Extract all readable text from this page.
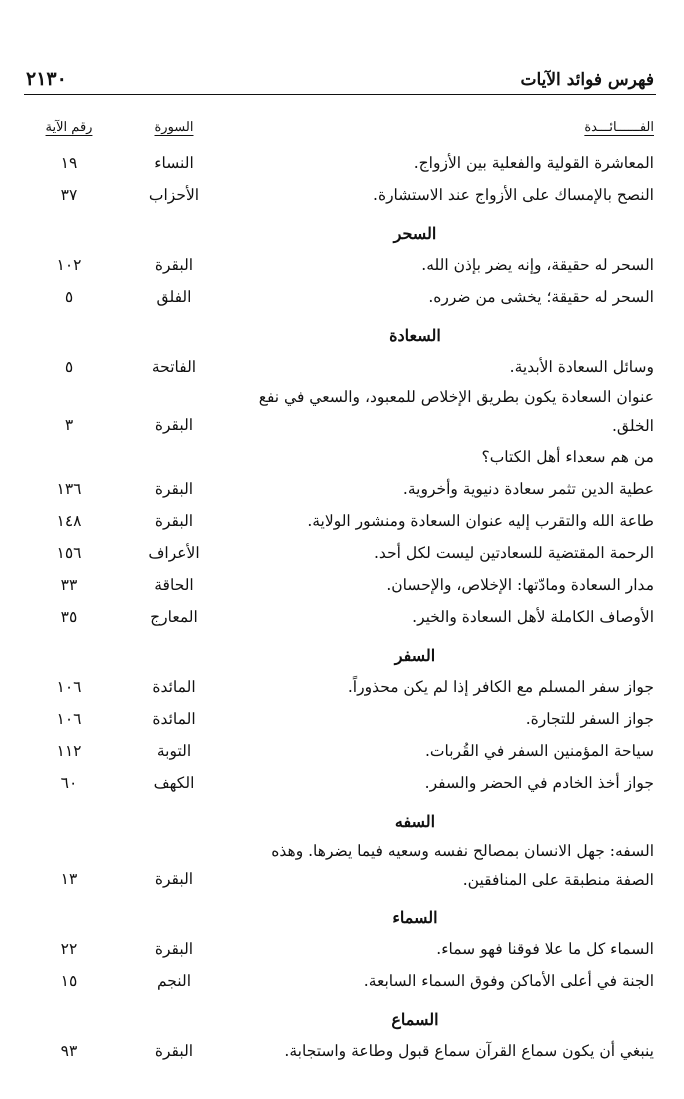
فهرس فوائد الآيات
٢١٣٠
الفــــــائـــدة
السورة
رقم الآية
المعاشرة القولية والفعلية بين الأزواج.
النساء
١٩
النصح بالإمساك على الأزواج عند الاستشارة.
الأحزاب
٣٧
السحر
السحر له حقيقة، وإنه يضر بإذن الله.
البقرة
١٠٢
السحر له حقيقة؛ يخشى من ضرره.
الفلق
٥
السعادة
وسائل السعادة الأبدية.
الفاتحة
٥
عنوان السعادة يكون بطريق الإخلاص للمعبود، والسعي في نفع الخلق.
البقرة
٣
من هم سعداء أهل الكتاب؟
عطية الدين تثمر سعادة دنيوية وأخروية.
البقرة
١٣٦
طاعة الله والتقرب إليه عنوان السعادة ومنشور الولاية.
البقرة
١٤٨
الرحمة المقتضية للسعادتين ليست لكل أحد.
الأعراف
١٥٦
مدار السعادة ومادّتها: الإخلاص، والإحسان.
الحاقة
٣٣
الأوصاف الكاملة لأهل السعادة والخير.
المعارج
٣٥
السفر
جواز سفر المسلم مع الكافر إذا لم يكن محذوراً.
المائدة
١٠٦
جواز السفر للتجارة.
المائدة
١٠٦
سياحة المؤمنين السفر في القُربات.
التوبة
١١٢
جواز أخذ الخادم في الحضر والسفر.
الكهف
٦٠
السفه
السفه: جهل الانسان بمصالح نفسه وسعيه فيما يضرها. وهذه الصفة منطبقة على المنافقين.
البقرة
١٣
السماء
السماء كل ما علا فوقنا فهو سماء.
البقرة
٢٢
الجنة في أعلى الأماكن وفوق السماء السابعة.
النجم
١٥
السماع
ينبغي أن يكون سماع القرآن سماع قبول وطاعة واستجابة.
البقرة
٩٣
